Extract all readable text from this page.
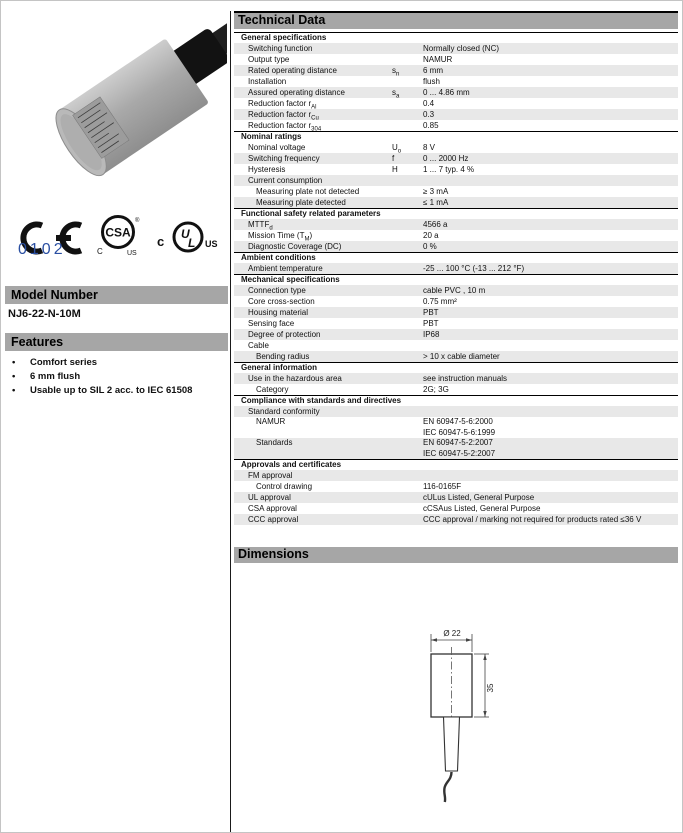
0102
CSA
®
C	US
c U
L US
Model Number
NJ6-22-N-10M
Features
•	Comfort series
•	6 mm flush
•	Usable up to SIL 2 acc. to IEC 61508
Technical Data
General specifications
Switching function	Normally closed (NC)
Output type	NAMUR
Rated operating distance	$s_n$	6 mm
Installation	flush
Assured operating distance	$s_a$	0 ... 4.86 mm
Reduction factor $r_{Al}$	0.4
Reduction factor $r_{Cu}$	0.3
Reduction factor $r_{304}$	0.85
Nominal ratings
Nominal voltage	$U_o$	8 V
Switching frequency	f	0 ... 2000 Hz
Hysteresis	H	1 ... 7 typ. 4 %
Current consumption
Measuring plate not detected	≥ 3 mA
Measuring plate detected	≤ 1 mA
Functional safety related parameters
$MTTF_d$	4566 a
Mission Time $(T_M)$	20 a
Diagnostic Coverage (DC)	0 %
Ambient conditions
Ambient temperature	-25 ... 100 °C (-13 ... 212 °F)
Mechanical specifications
Connection type	cable PVC , 10 m
Core cross-section	0.75 mm²
Housing material	PBT
Sensing face	PBT
Degree of protection	IP68
Cable
Bending radius	> 10 x cable diameter
General information
Use in the hazardous area	see instruction manuals
Category	2G; 3G
Compliance with standards and directives
Standard conformity
NAMUR	EN 60947-5-6:2000
IEC 60947-5-6:1999
Standards	EN 60947-5-2:2007
IEC 60947-5-2:2007
Approvals and certificates
FM approval
Control drawing	116-0165F
UL approval	cULus Listed, General Purpose
CSA approval	cCSAus Listed, General Purpose
CCC approval	CCC approval / marking not required for products rated ≤36 V
Dimensions
Ø 22
35
